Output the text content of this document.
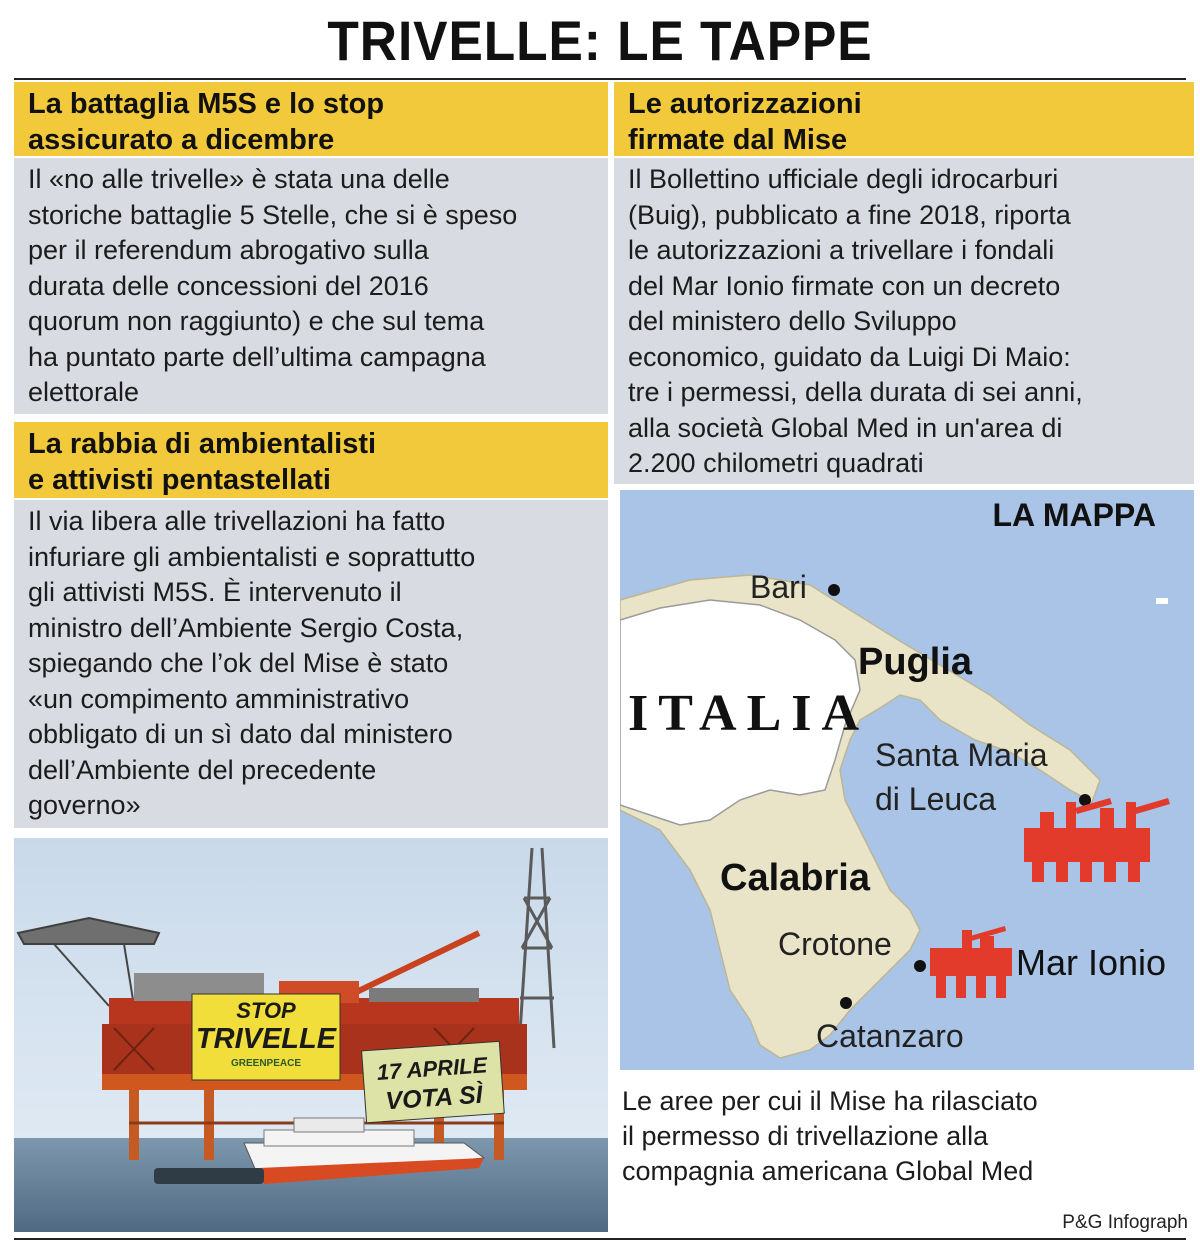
TRIVELLE: LE TAPPE
La battaglia M5S e lo stop
assicurato a dicembre
Il «no alle trivelle» è stata una delle
storiche battaglie 5 Stelle, che si è speso
per il referendum abrogativo sulla
durata delle concessioni del 2016
quorum non raggiunto) e che sul tema
ha puntato parte dell’ultima campagna
elettorale
La rabbia di ambientalisti
e attivisti pentastellati
Il via libera alle trivellazioni ha fatto
infuriare gli ambientalisti e soprattutto
gli attivisti M5S. È intervenuto il
ministro dell’Ambiente Sergio Costa,
spiegando che l’ok del Mise è stato
«un compimento amministrativo
obbligato di un sì dato dal ministero
dell’Ambiente del precedente
governo»
Le autorizzazioni
firmate dal Mise
Il Bollettino ufficiale degli idrocarburi
(Buig), pubblicato a fine 2018, riporta
le autorizzazioni a trivellare i fondali
del Mar Ionio firmate con un decreto
del ministero dello Sviluppo
economico, guidato da Luigi Di Maio:
tre i permessi, della durata di sei anni,
alla società Global Med in un'area di
2.200 chilometri quadrati
STOP
TRIVELLE
GREENPEACE	17 APRILE
VOTA SÌ
LA MAPPA
ITALIA
Puglia
Calabria
Bari
Santa Maria
di Leuca
Crotone
Catanzaro
Mar Ionio
Le aree per cui il Mise ha rilasciato
il permesso di trivellazione alla
compagnia americana Global Med
P&G Infograph
